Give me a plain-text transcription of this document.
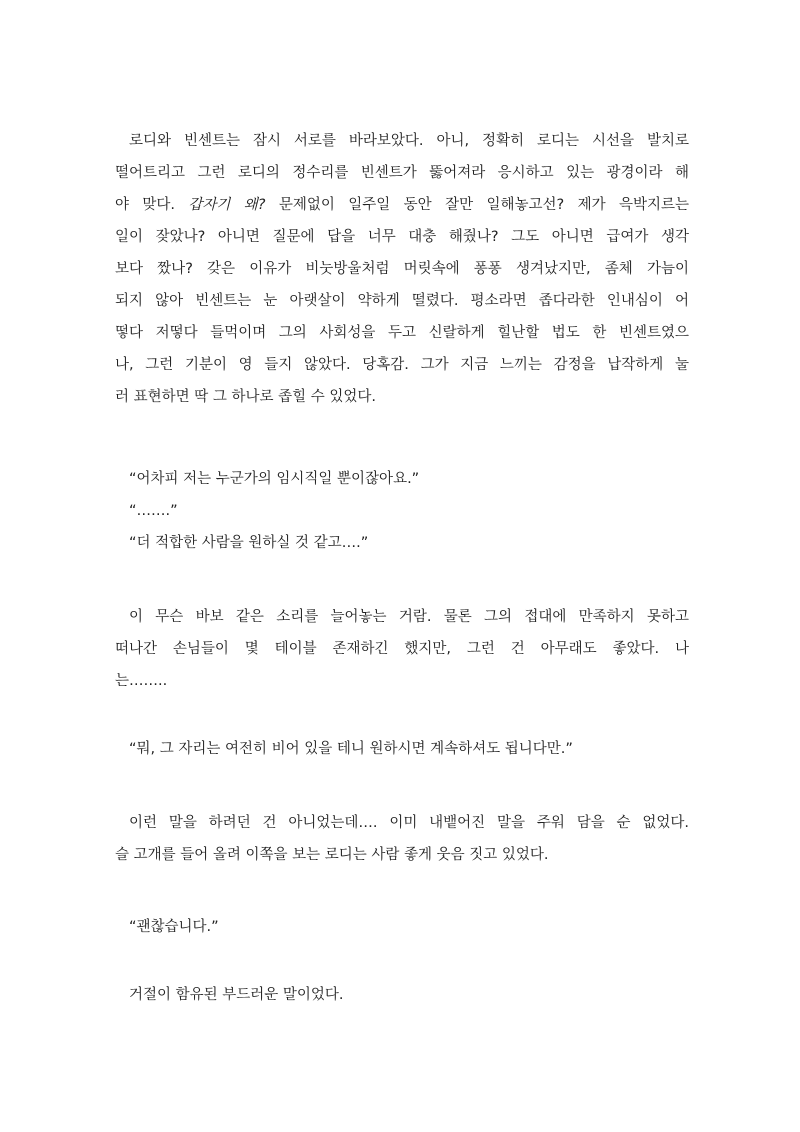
로디와 빈센트는 잠시 서로를 바라보았다. 아니, 정확히 로디는 시선을 발치로
떨어트리고 그런 로디의 정수리를 빈센트가 뚫어져라 응시하고 있는 광경이라 해
야 맞다. 갑자기 왜? 문제없이 일주일 동안 잘만 일해놓고선? 제가 윽박지르는
일이 잦았나? 아니면 질문에 답을 너무 대충 해줬나? 그도 아니면 급여가 생각
보다 짰나? 갖은 이유가 비눗방울처럼 머릿속에 퐁퐁 생겨났지만, 좀체 가늠이
되지 않아 빈센트는 눈 아랫살이 약하게 떨렸다. 평소라면 좁다라한 인내심이 어
떻다 저떻다 들먹이며 그의 사회성을 두고 신랄하게 힐난할 법도 한 빈센트였으
나, 그런 기분이 영 들지 않았다. 당혹감. 그가 지금 느끼는 감정을 납작하게 눌
러 표현하면 딱 그 하나로 좁힐 수 있었다.
“어차피 저는 누군가의 임시직일 뿐이잖아요.”
“…….”
“더 적합한 사람을 원하실 것 같고….”
이 무슨 바보 같은 소리를 늘어놓는 거람. 물론 그의 접대에 만족하지 못하고
떠나간 손님들이 몇 테이블 존재하긴 했지만, 그런 건 아무래도 좋았다. 나
는……..
“뭐, 그 자리는 여전히 비어 있을 테니 원하시면 계속하셔도 됩니다만.”
이런 말을 하려던 건 아니었는데…. 이미 내뱉어진 말을 주워 담을 순 없었다.
슬 고개를 들어 올려 이쪽을 보는 로디는 사람 좋게 웃음 짓고 있었다.
“괜찮습니다.”
거절이 함유된 부드러운 말이었다.
